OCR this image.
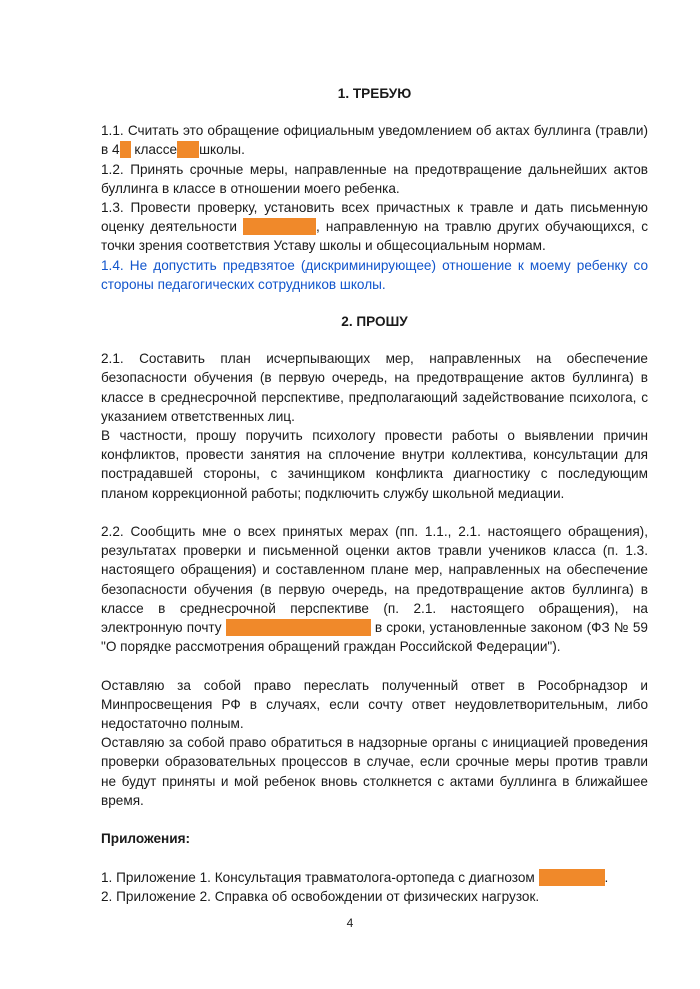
1. ТРЕБУЮ

1.1. Считать это обращение официальным уведомлением об актах буллинга (травли) в 4 классе школы.

1.2. Принять срочные меры, направленные на предотвращение дальнейших актов буллинга в классе в отношении моего ребенка.

1.3. Провести проверку, установить всех причастных к травле и дать письменную оценку деятельности	, направленную на травлю других обучающихся, с точки зрения соответствия Уставу школы и общесоциальным нормам.

1.4. Не допустить предвзятое (дискриминирующее) отношение к моему ребенку со стороны педагогических сотрудников школы.

2. ПРОШУ

2.1. Составить план исчерпывающих мер, направленных на обеспечение безопасности обучения (в первую очередь, на предотвращение актов буллинга) в классе в среднесрочной перспективе, предполагающий задействование психолога, с указанием ответственных лиц.

В частности, прошу поручить психологу провести работы о выявлении причин конфликтов, провести занятия на сплочение внутри коллектива, консультации для пострадавшей стороны, с зачинщиком конфликта диагностику с последующим планом коррекционной работы; подключить службу школьной медиации.

2.2. Сообщить мне о всех принятых мерах (пп. 1.1., 2.1. настоящего обращения), результатах проверки и письменной оценки актов травли учеников класса (п. 1.3. настоящего обращения) и составленном плане мер, направленных на обеспечение безопасности обучения (в первую очередь, на предотвращение актов буллинга) в классе в среднесрочной перспективе (п. 2.1. настоящего обращения), на электронную почту	в сроки, установленные законом (ФЗ № 59 "О порядке рассмотрения обращений граждан Российской Федерации").

Оставляю за собой право переслать полученный ответ в Рособрнадзор и Минпросвещения РФ в случаях, если сочту ответ неудовлетворительным, либо недостаточно полным.

Оставляю за собой право обратиться в надзорные органы с инициацией проведения проверки образовательных процессов в случае, если срочные меры против травли не будут приняты и мой ребенок вновь столкнется с актами буллинга в ближайшее время.

Приложения:

1. Приложение 1. Консультация травматолога-ортопеда с диагнозом	.

2. Приложение 2. Справка об освобождении от физических нагрузок.

4
